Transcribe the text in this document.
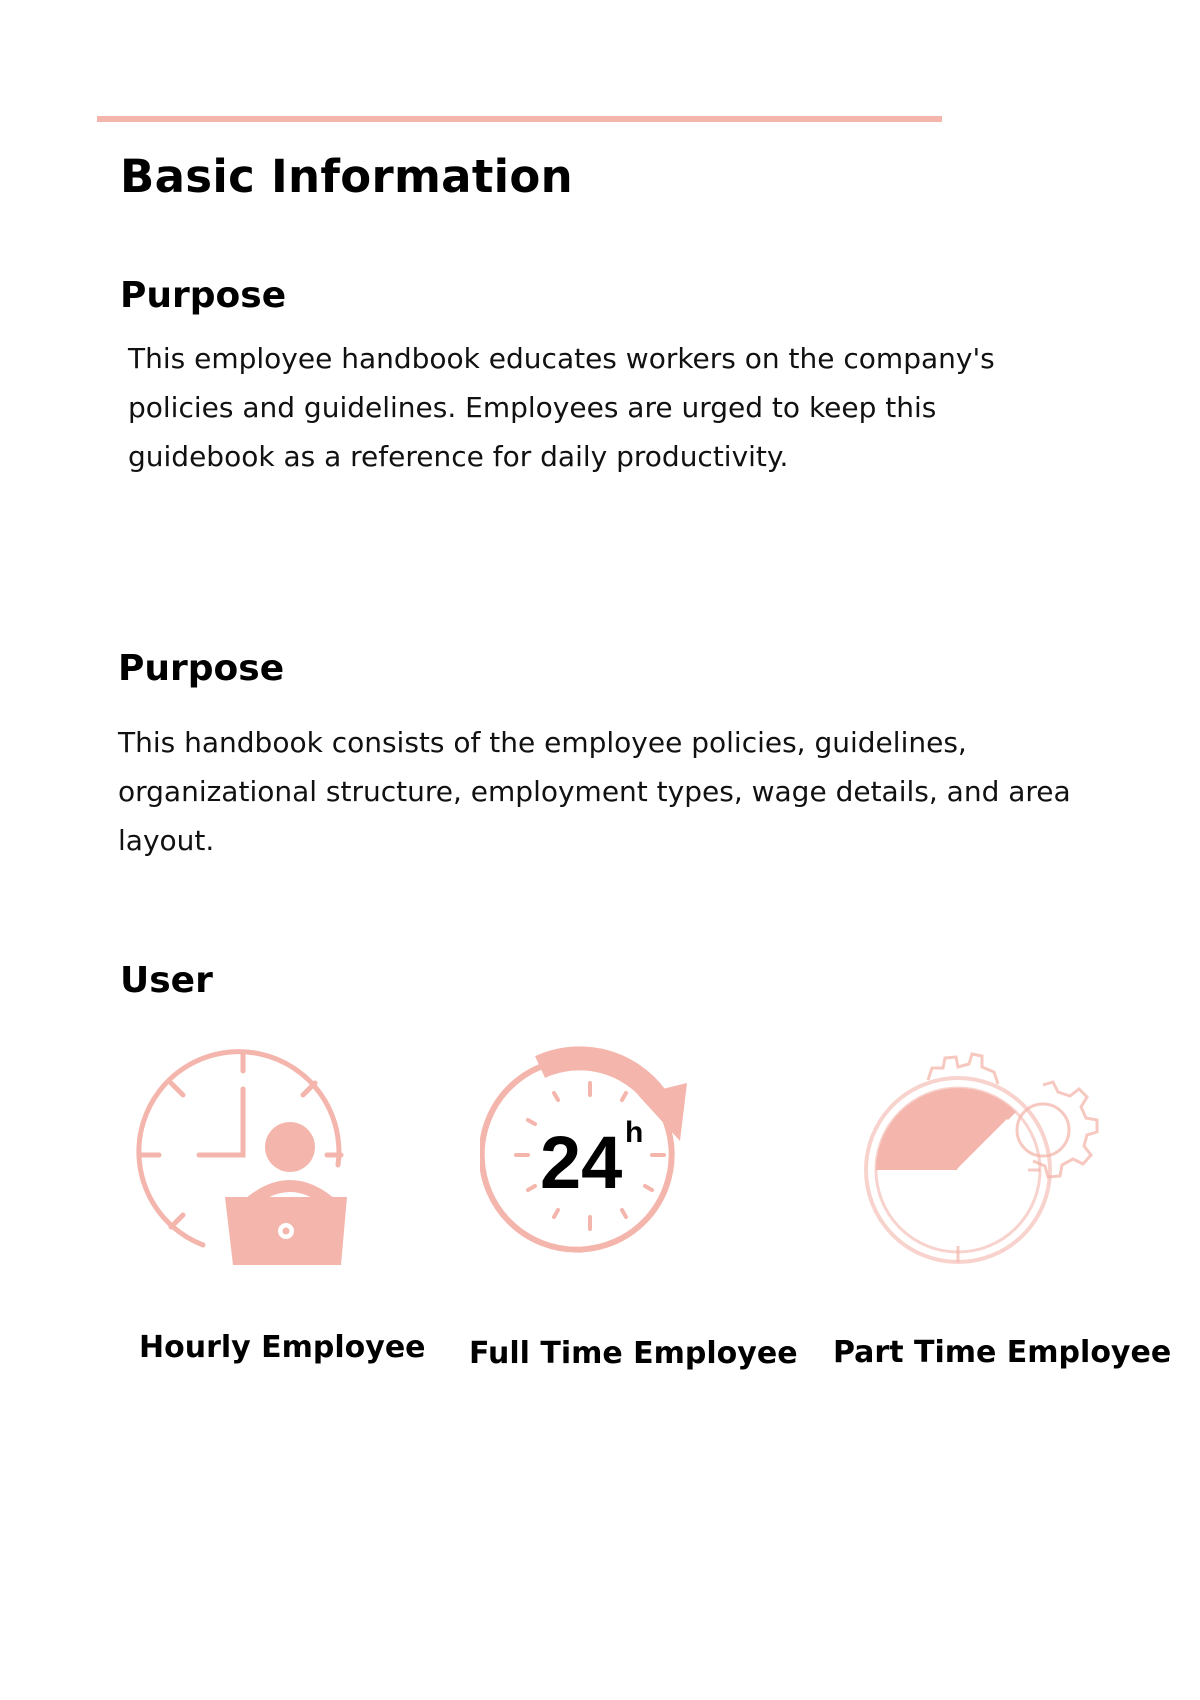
Basic Information
Purpose

This employee handbook educates workers on the company's policies and guidelines. Employees are urged to keep this guidebook as a reference for daily productivity.

Purpose

This handbook consists of the employee policies, guidelines, organizational structure, employment types, wage details, and area layout.

User
24 h

Hourly Employee Full Time Employee Part Time Employee
